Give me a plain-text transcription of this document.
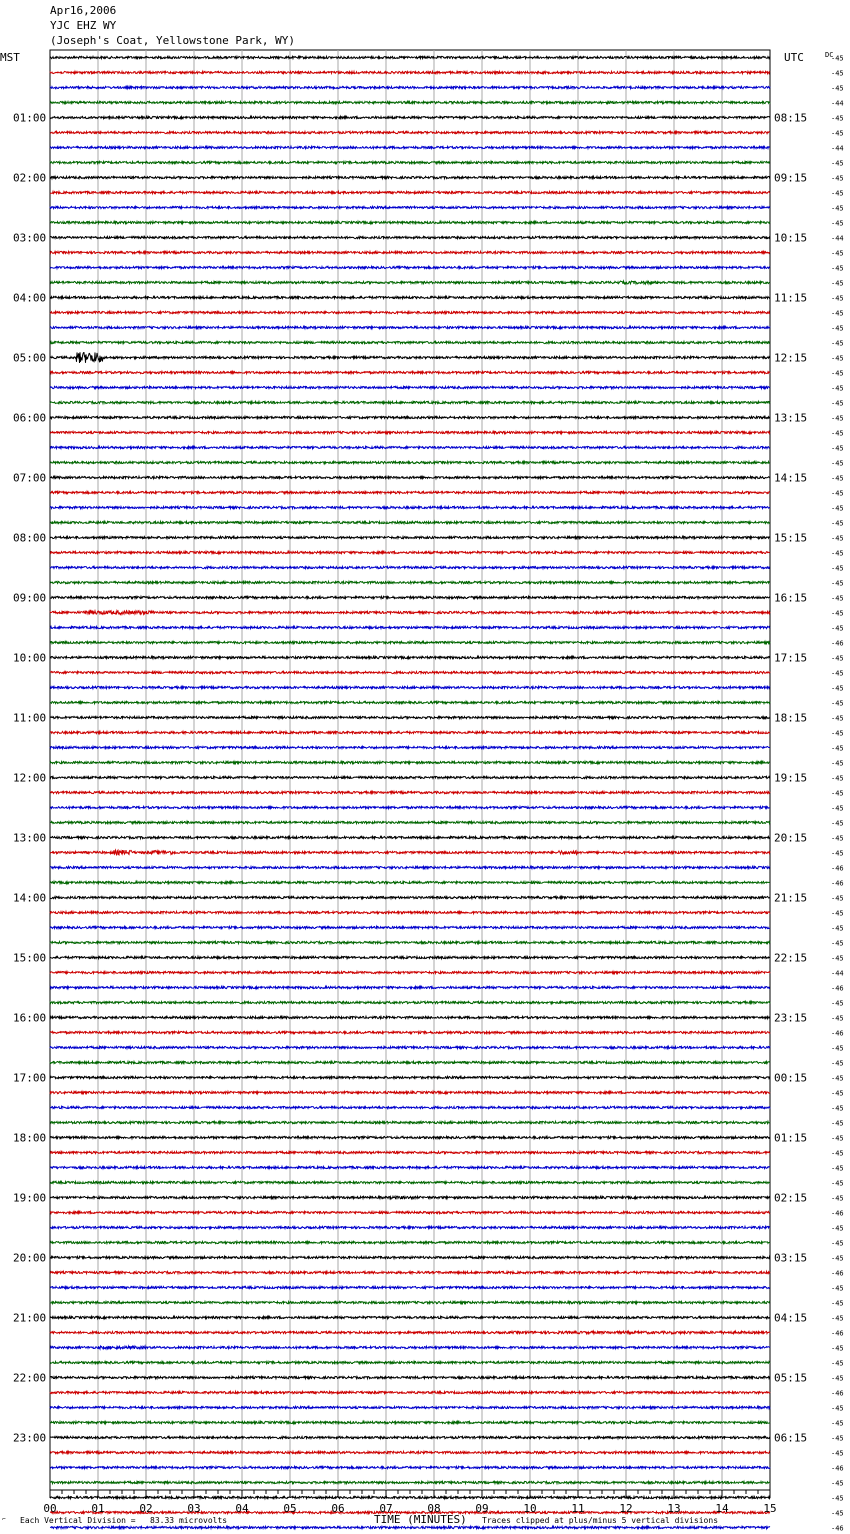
Apr16,2006
YJC EHZ WY
(Joseph's Coat, Yellowstone Park, WY)
01:00
02:00
03:00
04:00
05:00
06:00
07:00
08:00
09:00
10:00
11:00
12:00
13:00
14:00
15:00
16:00
17:00
18:00
19:00
20:00
21:00
22:00
23:00
08:15
09:15
10:15
11:15
12:15
13:15
14:15
15:15
16:15
17:15
18:15
19:15
20:15
21:15
22:15
23:15
00:15
01:15
02:15
03:15
04:15
05:15
06:15
-45
-45
-45
-44
-45
-45
-44
-45
-45
-45
-45
-45
-44
-45
-45
-45
-45
-45
-45
-45
-45
-45
-45
-45
-45
-45
-45
-45
-45
-45
-45
-45
-45
-45
-45
-45
-45
-45
-45
-46
-45
-45
-45
-45
-45
-45
-45
-45
-45
-45
-45
-45
-45
-45
-46
-46
-45
-45
-45
-45
-45
-44
-46
-45
-45
-46
-45
-45
-45
-45
-45
-45
-45
-45
-45
-45
-45
-46
-45
-45
-45
-46
-45
-45
-45
-46
-45
-45
-45
-46
-45
-45
-45
-45
-46
-45
-45
-45
-46
00	01	02	03	04	05	06	07	08	09	10	11	12	13	14	15
MST	UTC	DC
TIME (MINUTES)
⌐ Each Vertical Division =   83.33 microvolts	Traces clipped at plus/minus 5 vertical divisions
